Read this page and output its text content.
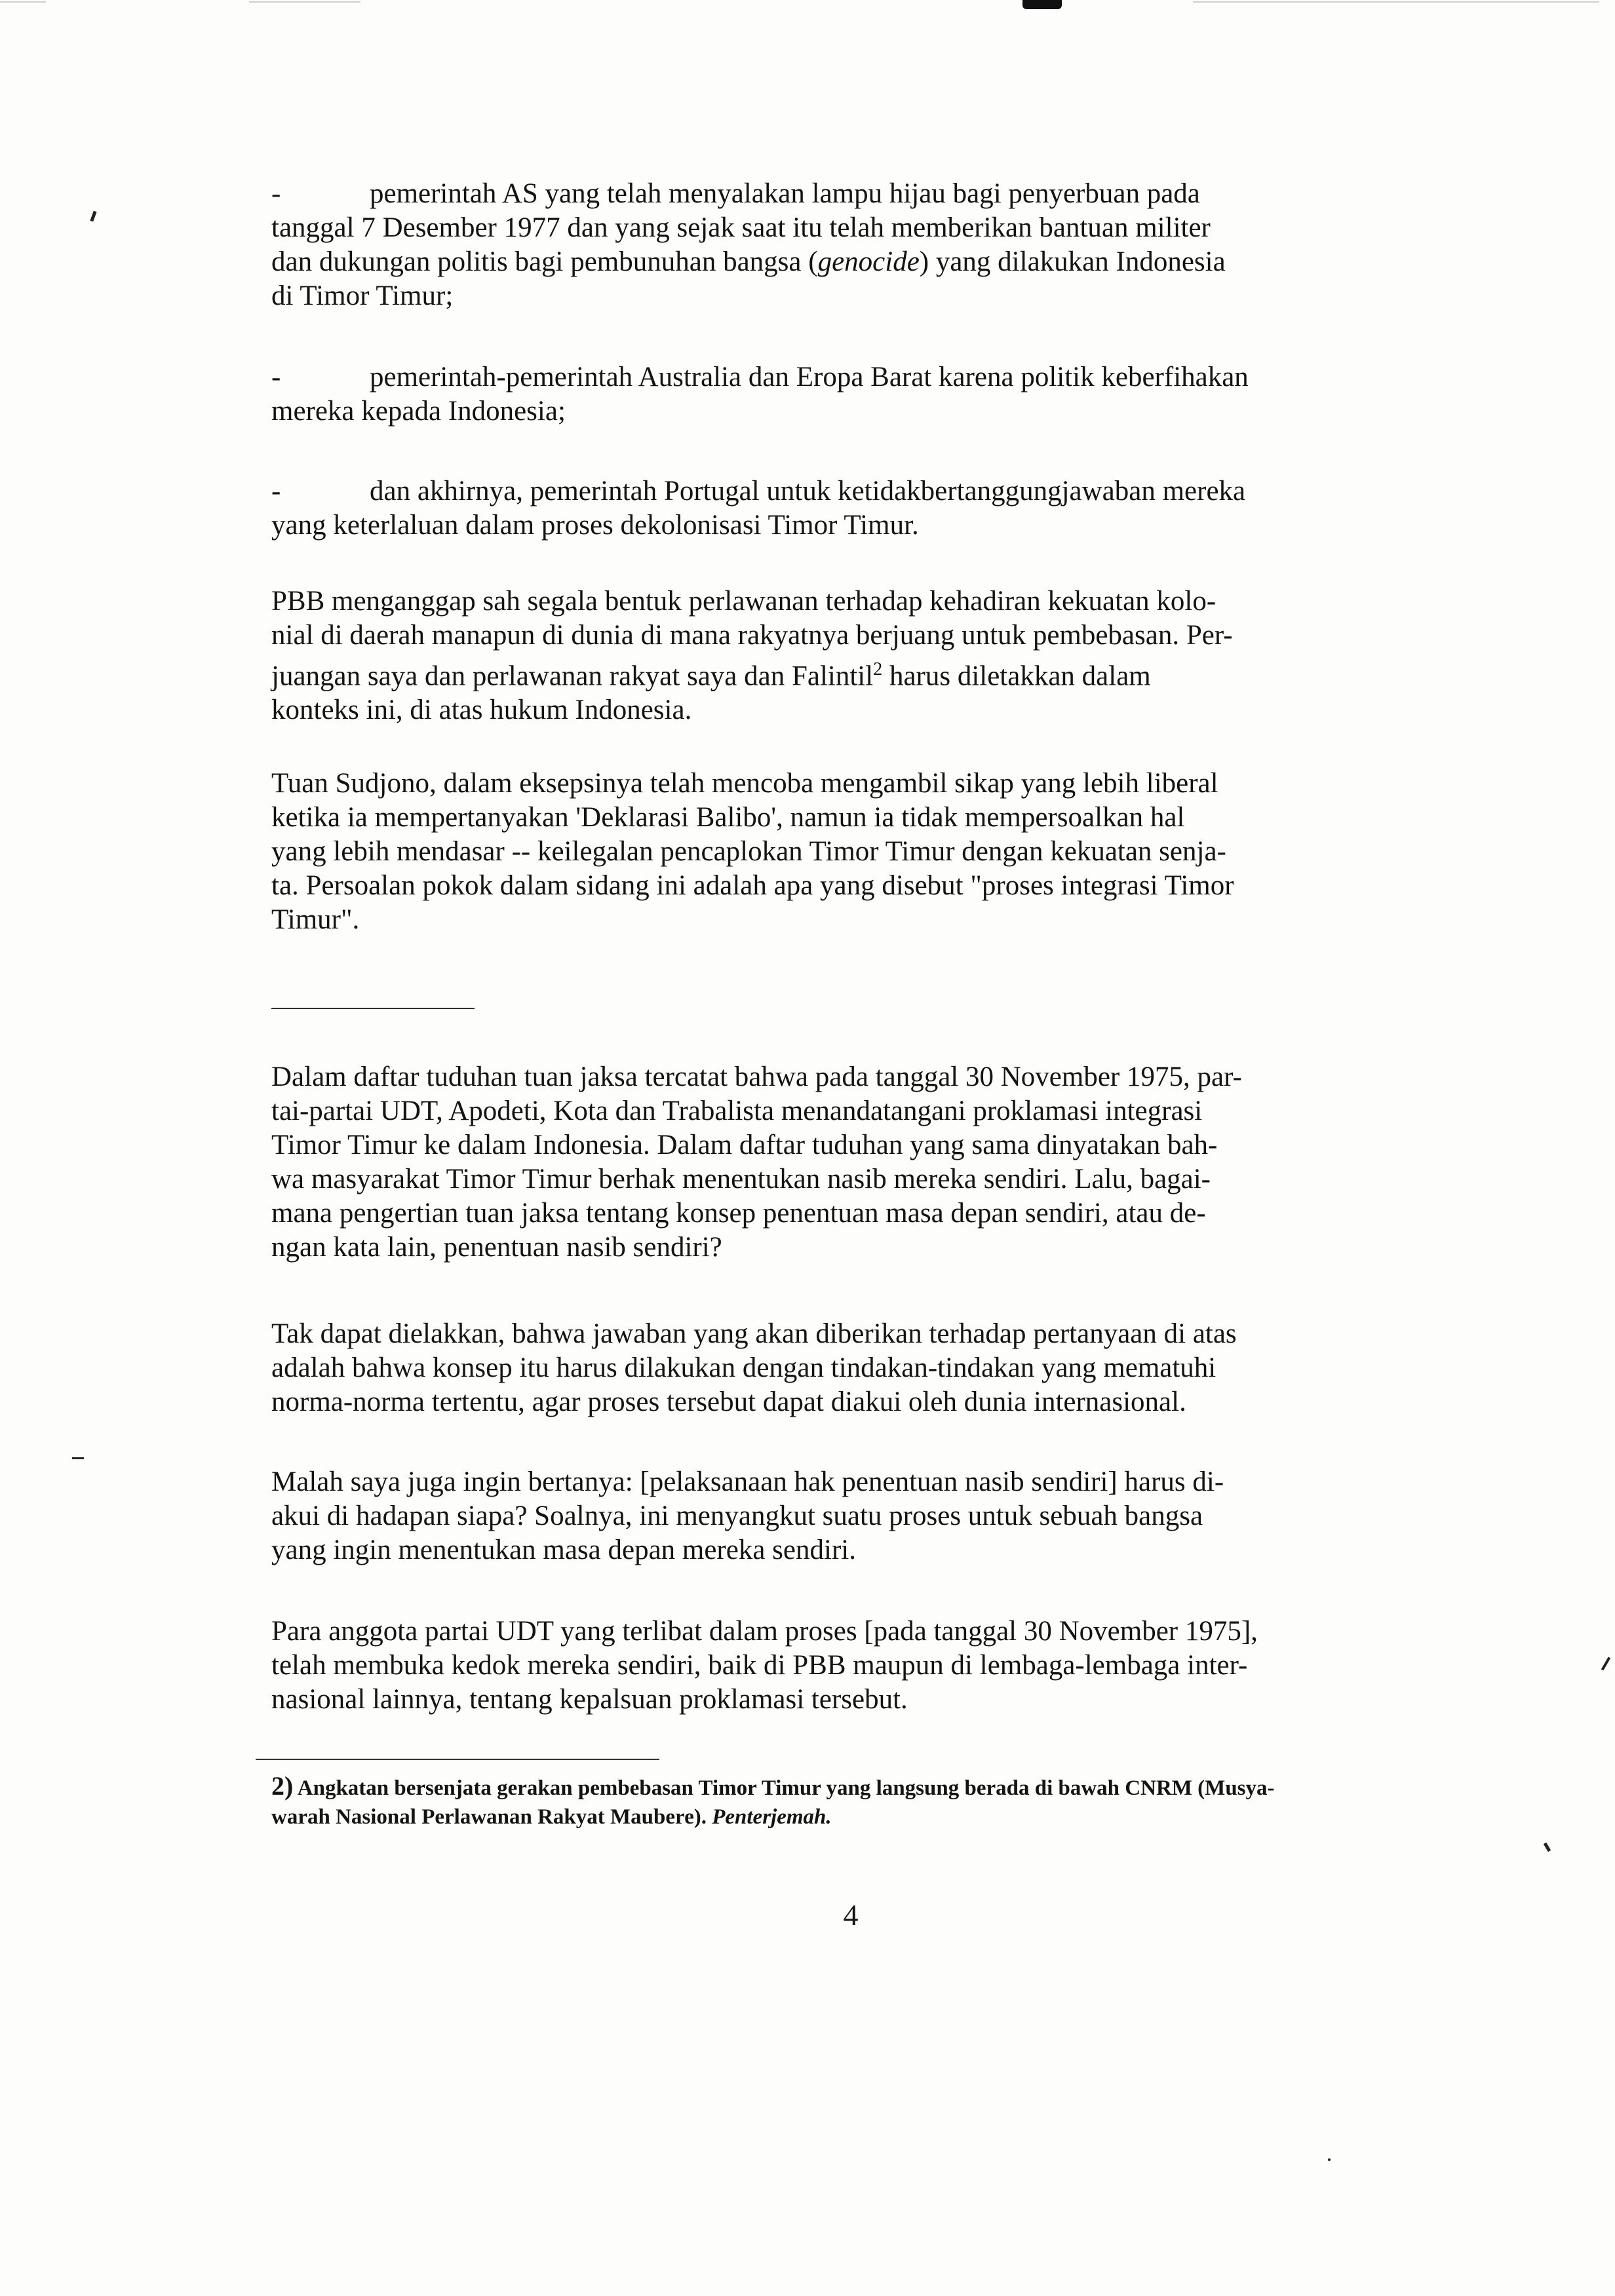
-	pemerintah AS yang telah menyalakan lampu hijau bagi penyerbuan pada
tanggal 7 Desember 1977 dan yang sejak saat itu telah memberikan bantuan militer
dan dukungan politis bagi pembunuhan bangsa (genocide) yang dilakukan Indonesia
di Timor Timur;

-	pemerintah-pemerintah Australia dan Eropa Barat karena politik keberfihakan
mereka kepada Indonesia;

-	dan akhirnya, pemerintah Portugal untuk ketidakbertanggungjawaban mereka
yang keterlaluan dalam proses dekolonisasi Timor Timur.

PBB menganggap sah segala bentuk perlawanan terhadap kehadiran kekuatan kolo-
nial di daerah manapun di dunia di mana rakyatnya berjuang untuk pembebasan. Per-
juangan saya dan perlawanan rakyat saya dan Falintil$^2$ harus diletakkan dalam
konteks ini, di atas hukum Indonesia.

Tuan Sudjono, dalam eksepsinya telah mencoba mengambil sikap yang lebih liberal
ketika ia mempertanyakan 'Deklarasi Balibo', namun ia tidak mempersoalkan hal
yang lebih mendasar -- keilegalan pencaplokan Timor Timur dengan kekuatan senja-
ta. Persoalan pokok dalam sidang ini adalah apa yang disebut "proses integrasi Timor
Timur".

Dalam daftar tuduhan tuan jaksa tercatat bahwa pada tanggal 30 November 1975, par-
tai-partai UDT, Apodeti, Kota dan Trabalista menandatangani proklamasi integrasi
Timor Timur ke dalam Indonesia. Dalam daftar tuduhan yang sama dinyatakan bah-
wa masyarakat Timor Timur berhak menentukan nasib mereka sendiri. Lalu, bagai-
mana pengertian tuan jaksa tentang konsep penentuan masa depan sendiri, atau de-
ngan kata lain, penentuan nasib sendiri?

Tak dapat dielakkan, bahwa jawaban yang akan diberikan terhadap pertanyaan di atas
adalah bahwa konsep itu harus dilakukan dengan tindakan-tindakan yang mematuhi
norma-norma tertentu, agar proses tersebut dapat diakui oleh dunia internasional.

Malah saya juga ingin bertanya: [pelaksanaan hak penentuan nasib sendiri] harus di-
akui di hadapan siapa? Soalnya, ini menyangkut suatu proses untuk sebuah bangsa
yang ingin menentukan masa depan mereka sendiri.

Para anggota partai UDT yang terlibat dalam proses [pada tanggal 30 November 1975],
telah membuka kedok mereka sendiri, baik di PBB maupun di lembaga-lembaga inter-
nasional lainnya, tentang kepalsuan proklamasi tersebut.

2) Angkatan bersenjata gerakan pembebasan Timor Timur yang langsung berada di bawah CNRM (Musya-
warah Nasional Perlawanan Rakyat Maubere). Penterjemah.
4
